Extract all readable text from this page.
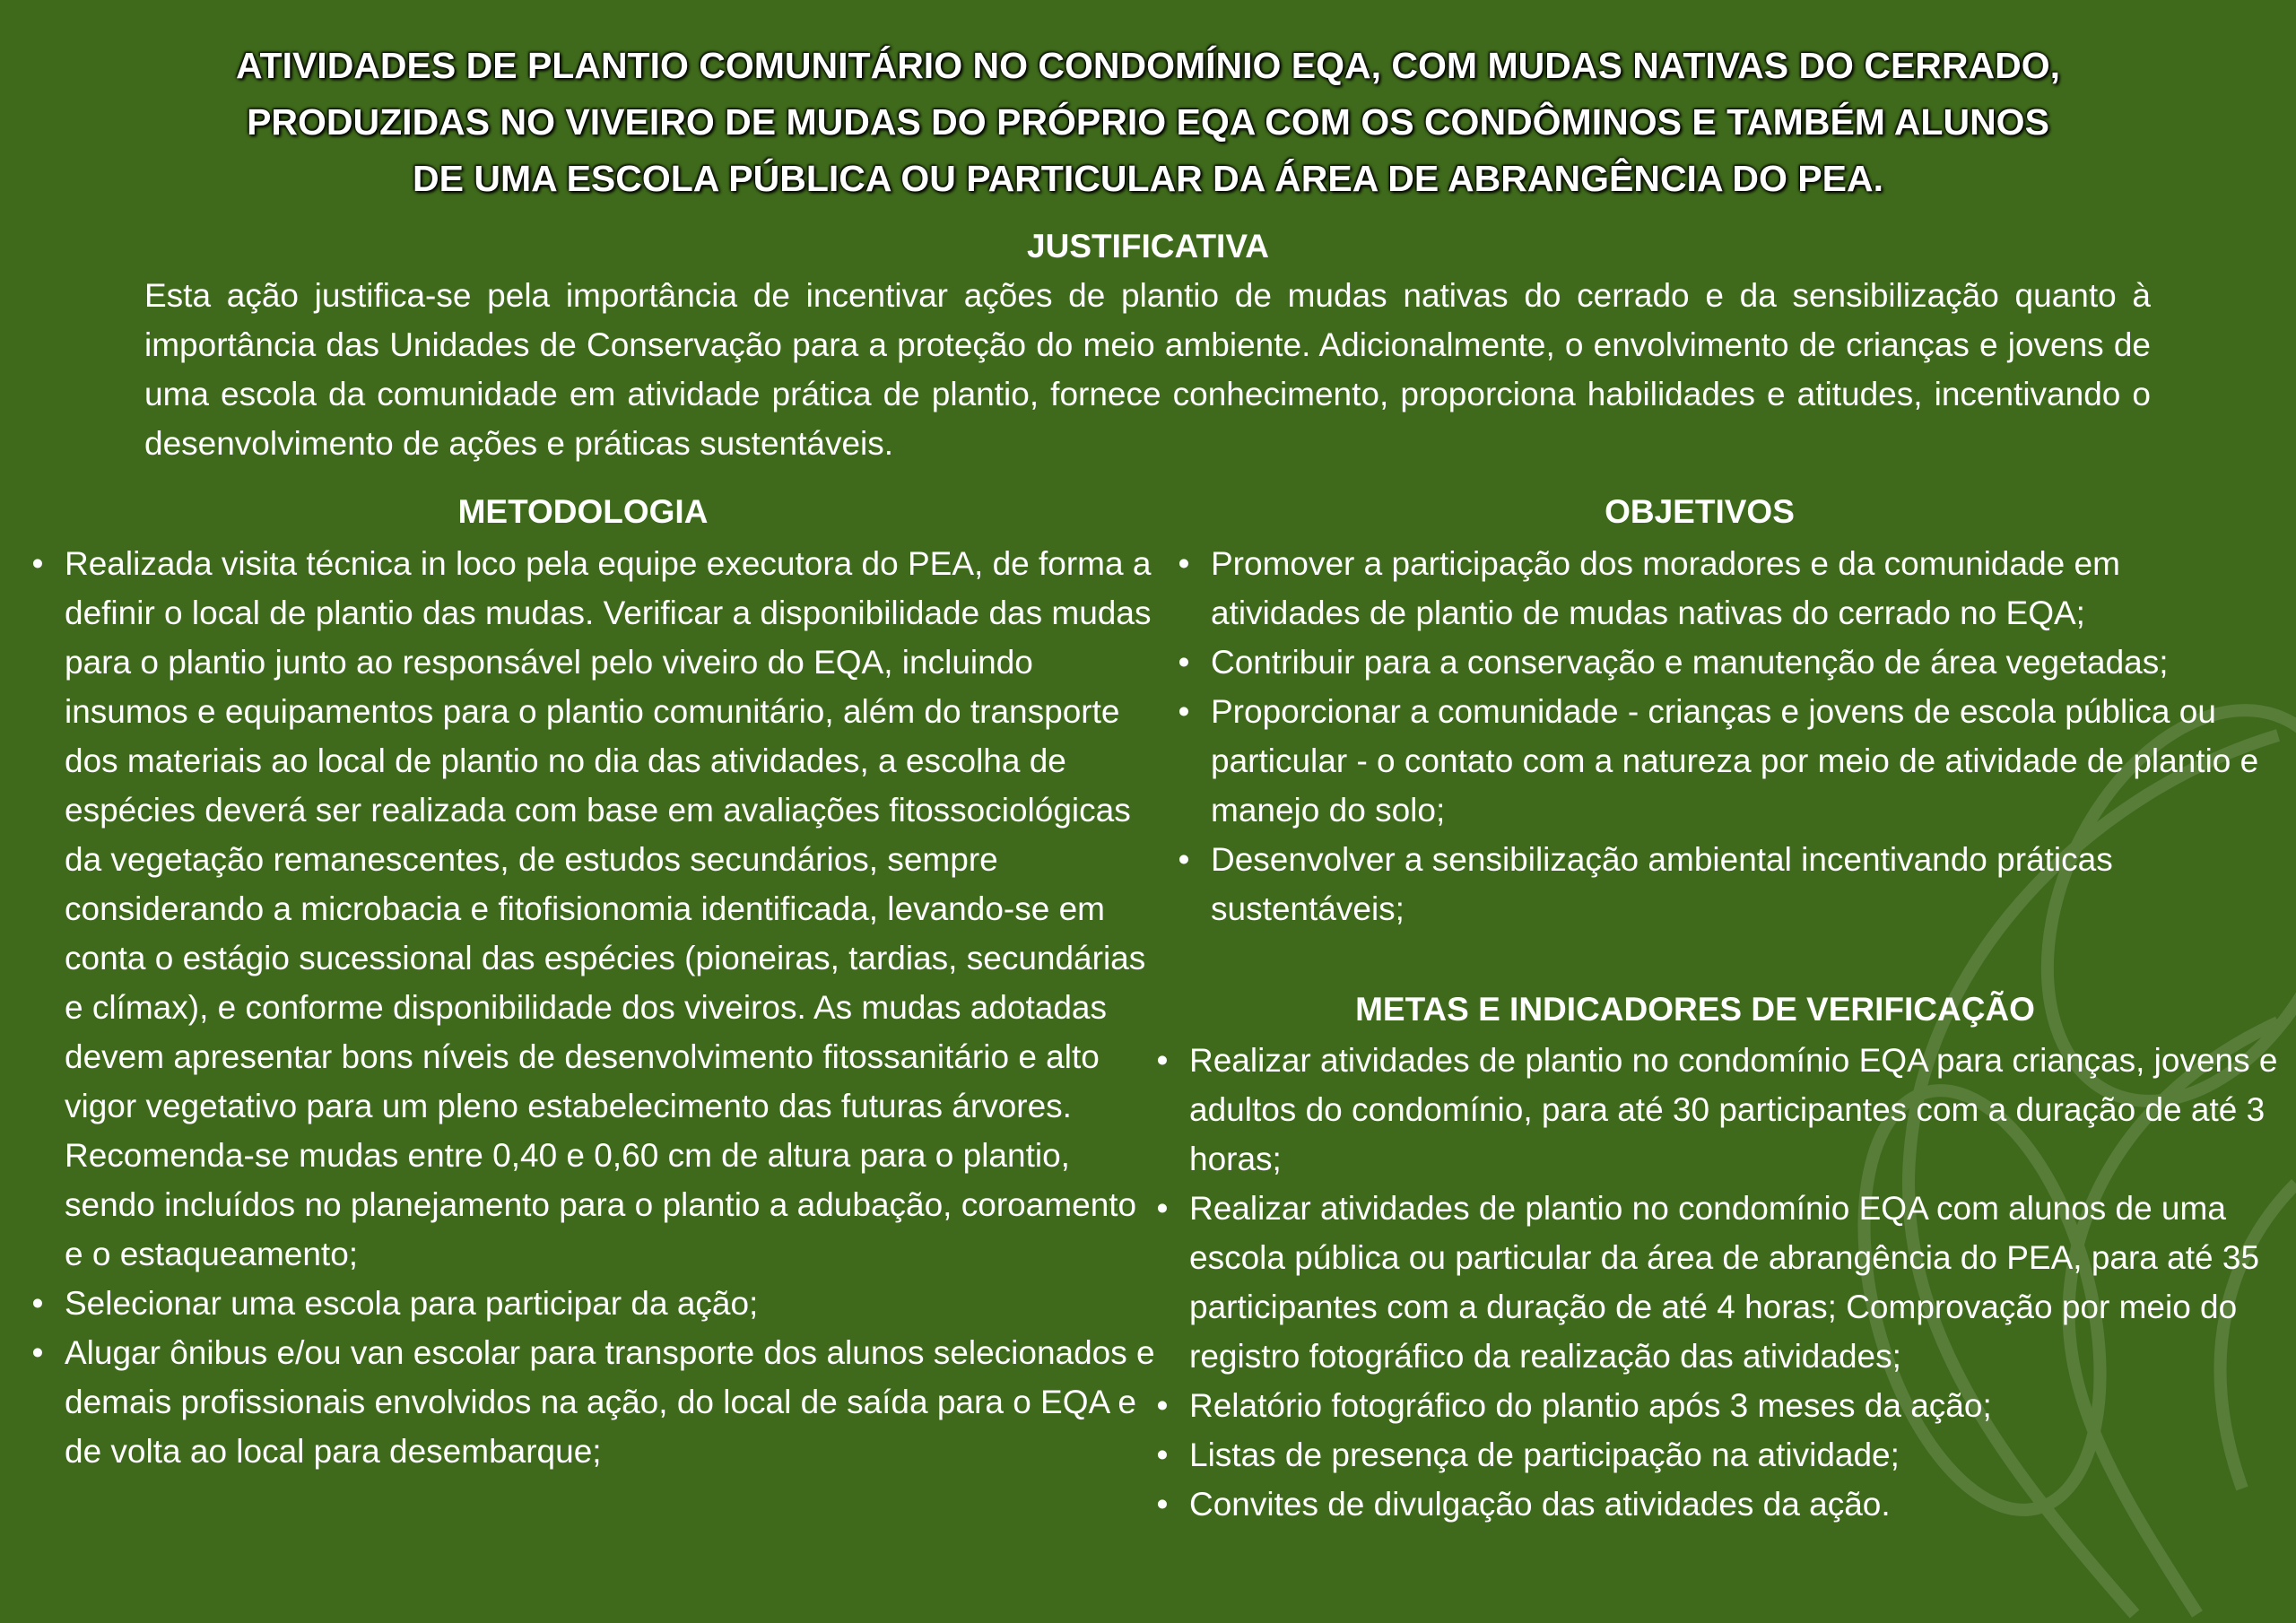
ATIVIDADES DE PLANTIO COMUNITÁRIO NO CONDOMÍNIO EQA, COM MUDAS NATIVAS DO CERRADO,
PRODUZIDAS NO VIVEIRO DE MUDAS DO PRÓPRIO EQA COM OS CONDÔMINOS E TAMBÉM ALUNOS
DE UMA ESCOLA PÚBLICA OU PARTICULAR DA ÁREA DE ABRANGÊNCIA DO PEA.
JUSTIFICATIVA

Esta ação justifica-se pela importância de incentivar ações de plantio de mudas nativas do cerrado e da sensibilização quanto à importância das Unidades de Conservação para a proteção do meio ambiente. Adicionalmente, o envolvimento de crianças e jovens de uma escola da comunidade em atividade prática de plantio, fornece conhecimento, proporciona habilidades e atitudes, incentivando o desenvolvimento de ações e práticas sustentáveis.

METODOLOGIA
• Realizada visita técnica in loco pela equipe executora do PEA, de forma a definir o local de plantio das mudas. Verificar a disponibilidade das mudas para o plantio junto ao responsável pelo viveiro do EQA, incluindo insumos e equipamentos para o plantio comunitário, além do transporte dos materiais ao local de plantio no dia das atividades, a escolha de espécies deverá ser realizada com base em avaliações fitossociológicas da vegetação remanescentes, de estudos secundários, sempre considerando a microbacia e fitofisionomia identificada, levando-se em conta o estágio sucessional das espécies (pioneiras, tardias, secundárias e clímax), e conforme disponibilidade dos viveiros. As mudas adotadas devem apresentar bons níveis de desenvolvimento fitossanitário e alto vigor vegetativo para um pleno estabelecimento das futuras árvores. Recomenda-se mudas entre 0,40 e 0,60 cm de altura para o plantio, sendo incluídos no planejamento para o plantio a adubação, coroamento e o estaqueamento;
• Selecionar uma escola para participar da ação;
• Alugar ônibus e/ou van escolar para transporte dos alunos selecionados e demais profissionais envolvidos na ação, do local de saída para o EQA e de volta ao local para desembarque;
OBJETIVOS
• Promover a participação dos moradores e da comunidade em atividades de plantio de mudas nativas do cerrado no EQA;
• Contribuir para a conservação e manutenção de área vegetadas;
• Proporcionar a comunidade - crianças e jovens de escola pública ou particular - o contato com a natureza por meio de atividade de plantio e manejo do solo;
• Desenvolver a sensibilização ambiental incentivando práticas sustentáveis;
METAS E INDICADORES DE VERIFICAÇÃO
• Realizar atividades de plantio no condomínio EQA para crianças, jovens e adultos do condomínio, para até 30 participantes com a duração de até 3 horas;
• Realizar atividades de plantio no condomínio EQA com alunos de uma escola pública ou particular da área de abrangência do PEA, para até 35 participantes com a duração de até 4 horas; Comprovação por meio do registro fotográfico da realização das atividades;
• Relatório fotográfico do plantio após 3 meses da ação;
• Listas de presença de participação na atividade;
• Convites de divulgação das atividades da ação.
